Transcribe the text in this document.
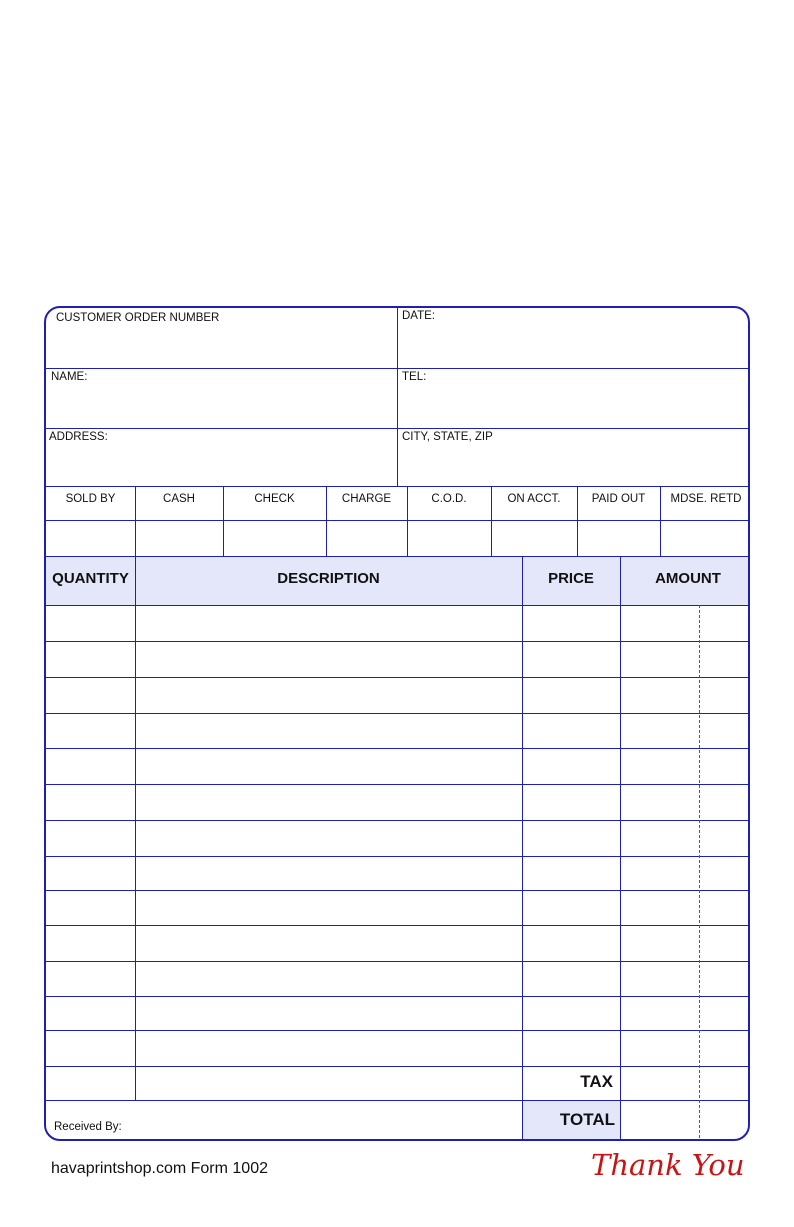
CUSTOMER ORDER NUMBER	DATE:
NAME:	TEL:
ADDRESS:	CITY, STATE, ZIP
SOLD BY	CASH	CHECK	CHARGE	C.O.D.	ON ACCT.	PAID OUT	MDSE. RETD
QUANTITY	DESCRIPTION	PRICE	AMOUNT
TAX
TOTAL
Received By:
havaprintshop.com Form 1002	Thank You
